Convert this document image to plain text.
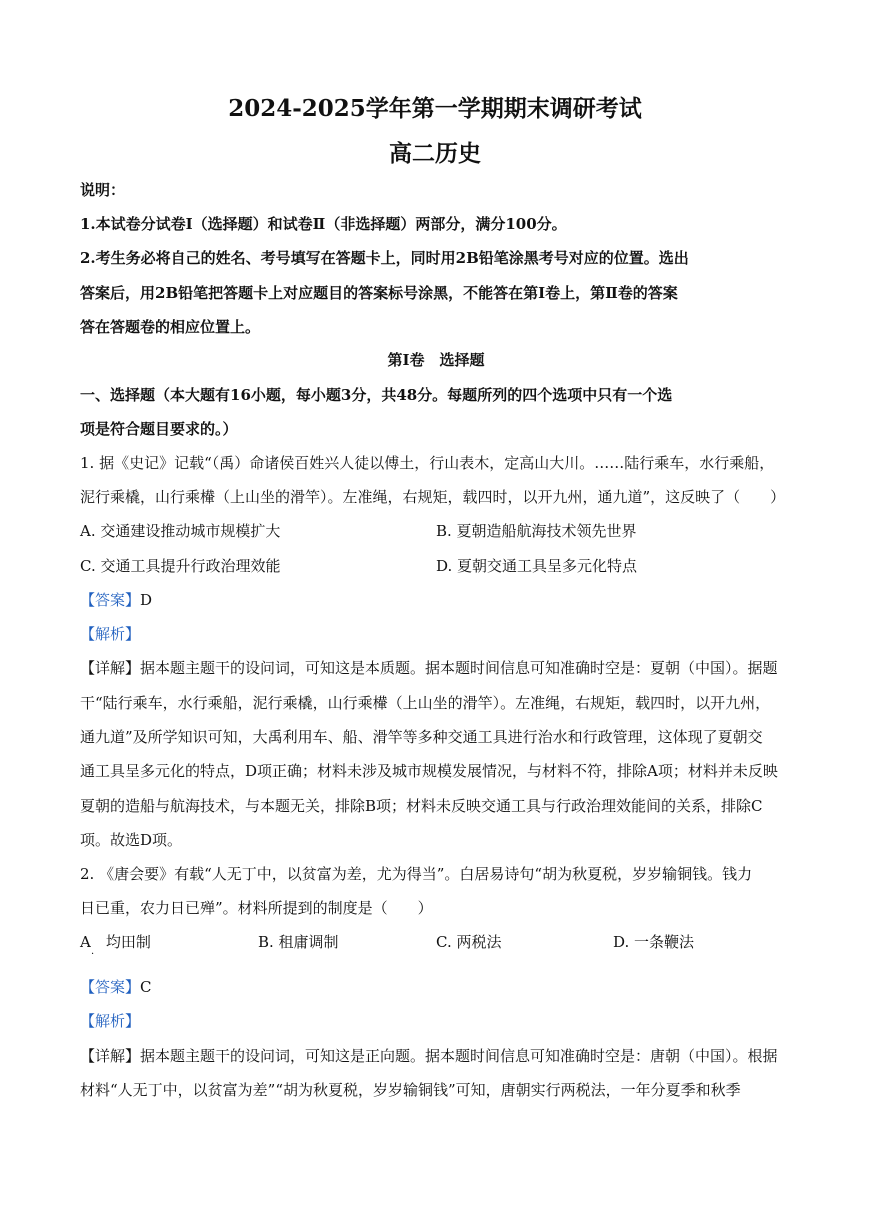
2024-2025学年第一学期期末调研考试
高二历史
说明：
1.本试卷分试卷Ⅰ（选择题）和试卷Ⅱ（非选择题）两部分，满分100分。
2.考生务必将自己的姓名、考号填写在答题卡上，同时用2B铅笔涂黑考号对应的位置。选出
答案后，用2B铅笔把答题卡上对应题目的答案标号涂黑，不能答在第Ⅰ卷上，第Ⅱ卷的答案
答在答题卷的相应位置上。
第Ⅰ卷　选择题
一、选择题（本大题有16小题，每小题3分，共48分。每题所列的四个选项中只有一个选
项是符合题目要求的。）
1. 据《史记》记载“（禹）命诸侯百姓兴人徒以傅土，行山表木，定高山大川。……陆行乘车，水行乘船，
泥行乘橇，山行乘檋（上山坐的滑竿）。左准绳，右规矩，载四时，以开九州，通九道”，这反映了（　　）
A. 交通建设推动城市规模扩大	B. 夏朝造船航海技术领先世界
C. 交通工具提升行政治理效能	D. 夏朝交通工具呈多元化特点
【答案】D
【解析】
【详解】据本题主题干的设问词，可知这是本质题。据本题时间信息可知准确时空是：夏朝（中国）。据题
干“陆行乘车，水行乘船，泥行乘橇，山行乘檋（上山坐的滑竿）。左准绳，右规矩，载四时，以开九州，
通九道”及所学知识可知，大禹利用车、船、滑竿等多种交通工具进行治水和行政管理，这体现了夏朝交
通工具呈多元化的特点，D项正确；材料未涉及城市规模发展情况，与材料不符，排除A项；材料并未反映
夏朝的造船与航海技术，与本题无关，排除B项；材料未反映交通工具与行政治理效能间的关系，排除C
项。故选D项。
2. 《唐会要》有载“人无丁中，以贫富为差，尤为得当”。白居易诗句“胡为秋夏税，岁岁输铜钱。钱力
日已重，农力日已殚”。材料所提到的制度是（　　）
A　均田制
·
B. 租庸调制	C. 两税法	D. 一条鞭法
【答案】C
【解析】
【详解】据本题主题干的设问词，可知这是正向题。据本题时间信息可知准确时空是：唐朝（中国）。根据
材料“人无丁中，以贫富为差”“胡为秋夏税，岁岁输铜钱”可知，唐朝实行两税法，一年分夏季和秋季
